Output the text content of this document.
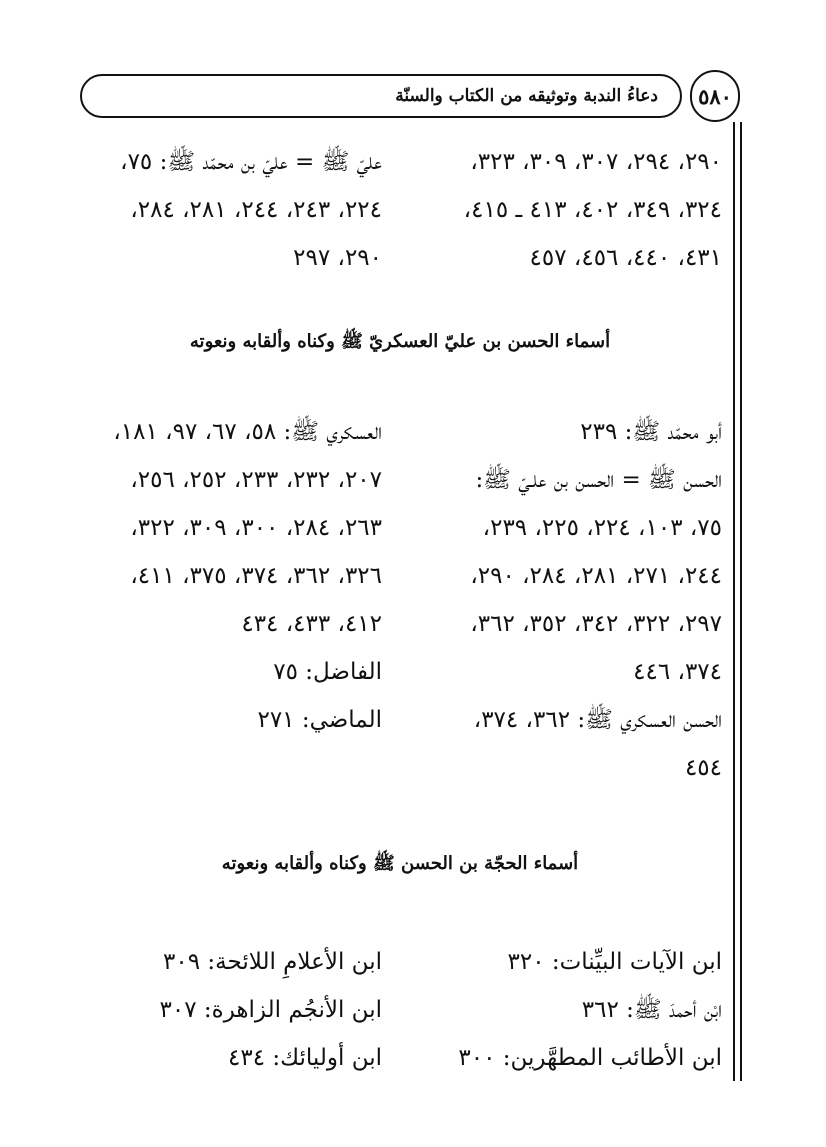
٥٨٠
دعاءُ الندبة وتوثيقه من الكتاب والسنّة
٢٩٠، ٢٩٤، ٣٠٧، ٣٠٩، ٣٢٣،
٣٢٤، ٣٤٩، ٤٠٢، ٤١٣ ـ ٤١٥،
٤٣١، ٤٤٠، ٤٥٦، ٤٥٧
عليّ ﷺ = عليّ بن محمّد ﷺ: ٧٥،
٢٢٤، ٢٤٣، ٢٤٤، ٢٨١، ٢٨٤،
٢٩٠، ٢٩٧
أسماء الحسن بن عليّ العسكريّ ﷺ وكناه وألقابه ونعوته
أبو محمّد ﷺ: ٢٣٩
الحسن ﷺ = الحسن بن علـيّ ﷺ:
٧٥، ١٠٣، ٢٢٤، ٢٢٥، ٢٣٩،
٢٤٤، ٢٧١، ٢٨١، ٢٨٤، ٢٩٠،
٢٩٧، ٣٢٢، ٣٤٢، ٣٥٢، ٣٦٢،
٣٧٤، ٤٤٦
الحسن العسكري ﷺ: ٣٦٢، ٣٧٤،
٤٥٤
العسكري ﷺ: ٥٨، ٦٧، ٩٧، ١٨١،
٢٠٧، ٢٣٢، ٢٣٣، ٢٥٢، ٢٥٦،
٢٦٣، ٢٨٤، ٣٠٠، ٣٠٩، ٣٢٢،
٣٢٦، ٣٦٢، ٣٧٤، ٣٧٥، ٤١١،
٤١٢، ٤٣٣، ٤٣٤
الفاضل: ٧٥
الماضي: ٢٧١
أسماء الحجّة بن الحسن ﷺ وكناه وألقابه ونعوته
ابن الآيات البيِّنات: ٣٢٠
ابْن أحمدَ ﷺ: ٣٦٢
ابن الأطائب المطهَّرين: ٣٠٠
ابن الأعلامِ اللائحة: ٣٠٩
ابن الأنجُم الزاهرة: ٣٠٧
ابن أوليائك: ٤٣٤
